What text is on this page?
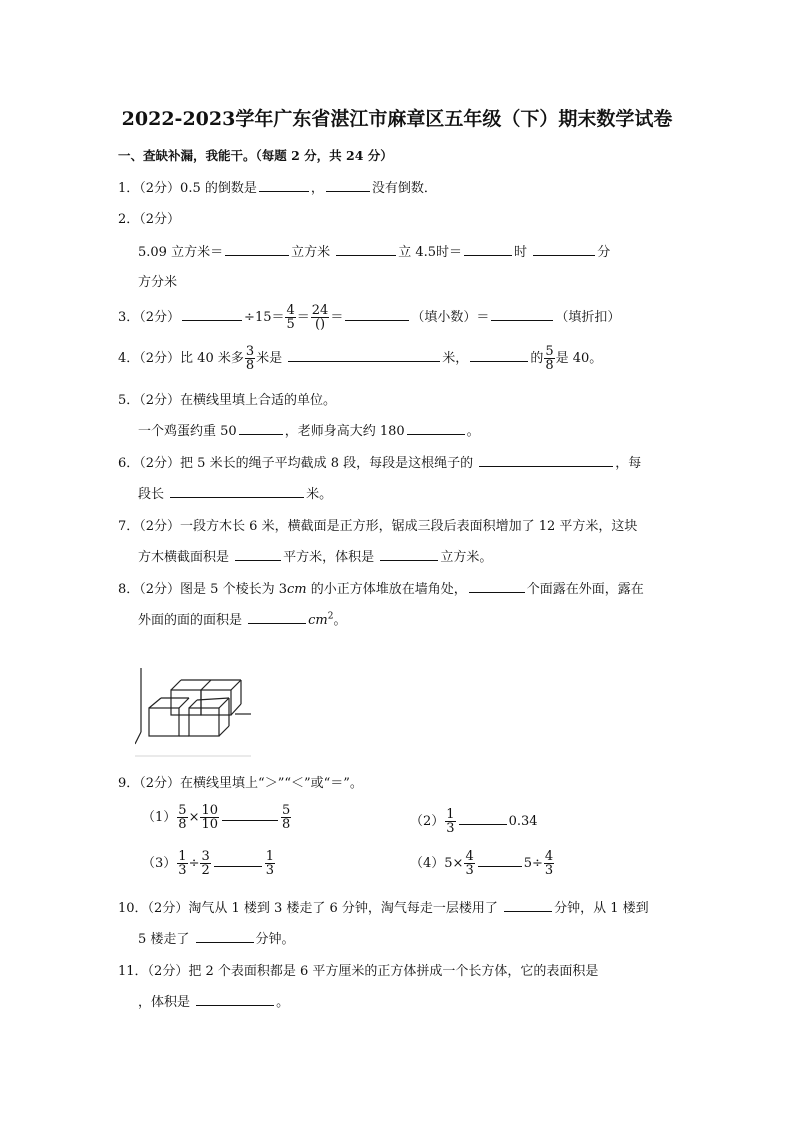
2022-2023学年广东省湛江市麻章区五年级（下）期末数学试卷
一、查缺补漏，我能干。（每题 2 分，共 24 分）
1．（2分）0.5 的倒数是	，	没有倒数．
2．（2分）
5.09 立方米＝	立方米	立 4.5时＝	时	分
方分米
3．（2分）	$\div 15= \frac{4}{5} = \frac{24}{()}$ ＝	（填小数）＝	（填折扣）
4．（2分）比 40 米多 $\frac{3}{8}$ 米是	米，	的 $\frac{5}{8}$ 是 40。
5．（2分）在横线里填上合适的单位。
一个鸡蛋约重 50	，老师身高大约 180	。
6．（2分）把 5 米长的绳子平均截成 8 段，每段是这根绳子的	，每
段长	米。
7．（2分）一段方木长 6 米，横截面是正方形，锯成三段后表面积增加了 12 平方米，这块
方木横截面积是	平方米，体积是	立方米。
8．（2分）图是 5 个棱长为 3cm 的小正方体堆放在墙角处，	个面露在外面，露在
外面的面的面积是	$cm^2$。
9．（2分）在横线里填上“＞”“＜”或“＝”。
$(1) \frac{5}{8} \times \frac{10}{10}$	$\frac{5}{8}$	$(2) \frac{1}{3}$	0.34
$(3) \frac{1}{3} \div \frac{3}{2}$	$\frac{1}{3}$	$(4)5\times \frac{4}{3}$	$5\div \frac{4}{3}$
10．（2分）淘气从 1 楼到 3 楼走了 6 分钟，淘气每走一层楼用了	分钟，从 1 楼到
5 楼走了	分钟。
11．（2分）把 2 个表面积都是 6 平方厘米的正方体拼成一个长方体，它的表面积是
，体积是	。
